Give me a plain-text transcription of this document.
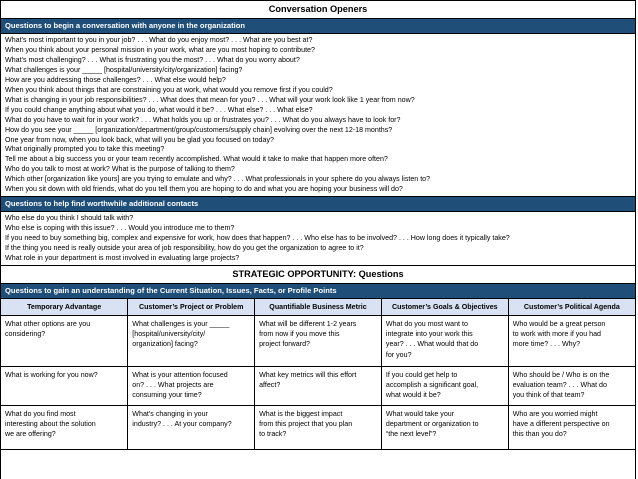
Conversation Openers
Questions to begin a conversation with anyone in the organization
What’s most important to you in your job? . . . What do you enjoy most? . . . What are you best at?
When you think about your personal mission in your work, what are you most hoping to contribute?
What’s most challenging? . . . What is frustrating you the most? . . . What do you worry about?
What challenges is your _____ [hospital/university/city/organization] facing?
How are you addressing those challenges? . . . What else would help?
When you think about things that are constraining you at work, what would you remove first if you could?
What is changing in your job responsibilities? . . . What does that mean for you? . . . What will your work look like 1 year from now?
If you could change anything about what you do, what would it be? . . . What else? . . . What else?
What do you have to wait for in your work? . . . What holds you up or frustrates you? . . . What do you always have to look for?
How do you see your _____ [organization/department/group/customers/supply chain] evolving over the next 12-18 months?
One year from now, when you look back, what will you be glad you focused on today?
What originally prompted you to take this meeting?
Tell me about a big success you or your team recently accomplished. What would it take to make that happen more often?
Who do you talk to most at work? What is the purpose of talking to them?
Which other [organization like yours] are you trying to emulate and why? . . . What professionals in your sphere do you always listen to?
When you sit down with old friends, what do you tell them you are hoping to do and what you are hoping your business will do?
Questions to help find worthwhile additional contacts
Who else do you think I should talk with?
Who else is coping with this issue? . . . Would you introduce me to them?
If you need to buy something big, complex and expensive for work, how does that happen? . . . Who else has to be involved? . . . How long does it typically take?
If the thing you need is really outside your area of job responsibility, how do you get the organization to agree to it?
What role in your department is most involved in evaluating large projects?
STRATEGIC OPPORTUNITY: Questions
Questions to gain an understanding of the Current Situation, Issues, Facts, or Profile Points
Temporary Advantage	Customer’s Project or Problem	Quantifiable Business Metric	Customer’s Goals & Objectives	Customer’s Political Agenda

What other options are you
considering?	What challenges is your _____
[hospital/university/city/
organization] facing?	What will be different 1-2 years
from now if you move this
project forward?	What do you most want to
integrate into your work this
year? . . . What would that do
for you?	Who would be a great person
to work with more if you had
more time? . . . Why?

What is working for you now?	What is your attention focused
on? . . . What projects are
consuming your time?	What key metrics will this effort
affect?	If you could get help to
accomplish a significant goal,
what would it be?	Who should be / Who is on the
evaluation team? . . . What do
you think of that team?

What do you find most
interesting about the solution
we are offering?	What’s changing in your
industry? . . . At your company?	What is the biggest impact
from this project that you plan
to track?	What would take your
department or organization to
“the next level”?	Who are you worried might
have a different perspective on
this than you do?
